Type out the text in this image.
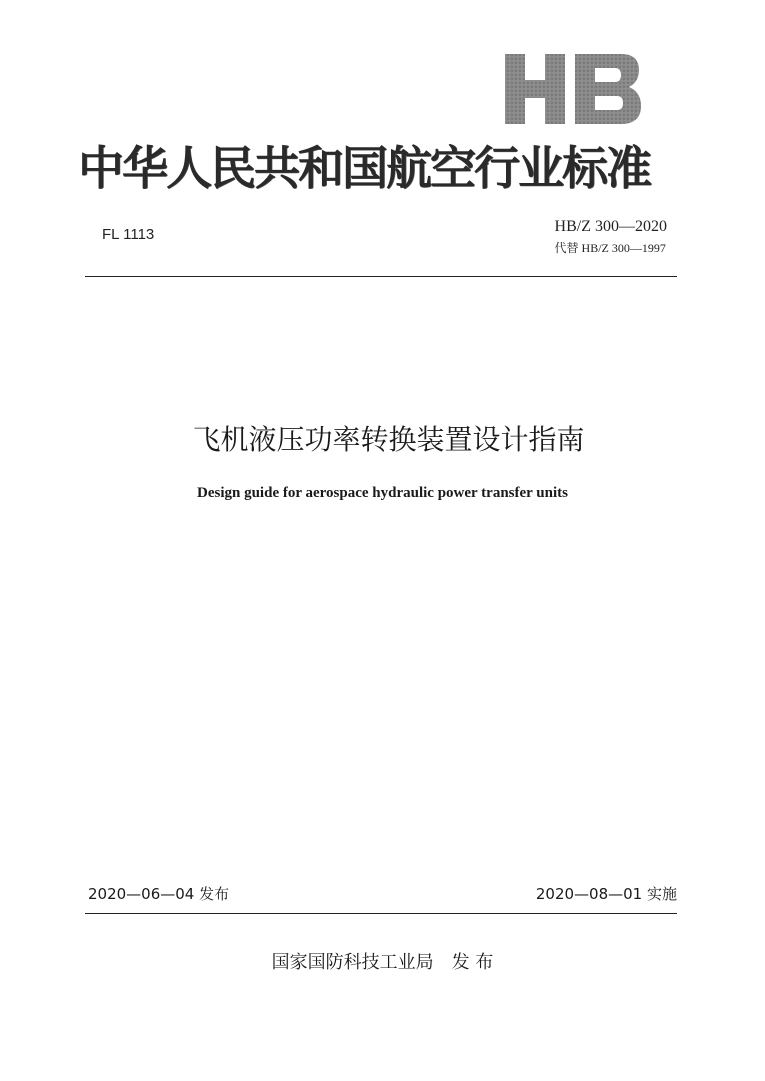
中华人民共和国航空行业标准
FL 1113	HB/Z 300—2020
代替 HB/Z 300—1997
飞机液压功率转换装置设计指南
Design guide for aerospace hydraulic power transfer units
2020—06—04 发布	2020—08—01 实施
国家国防科技工业局　发 布
